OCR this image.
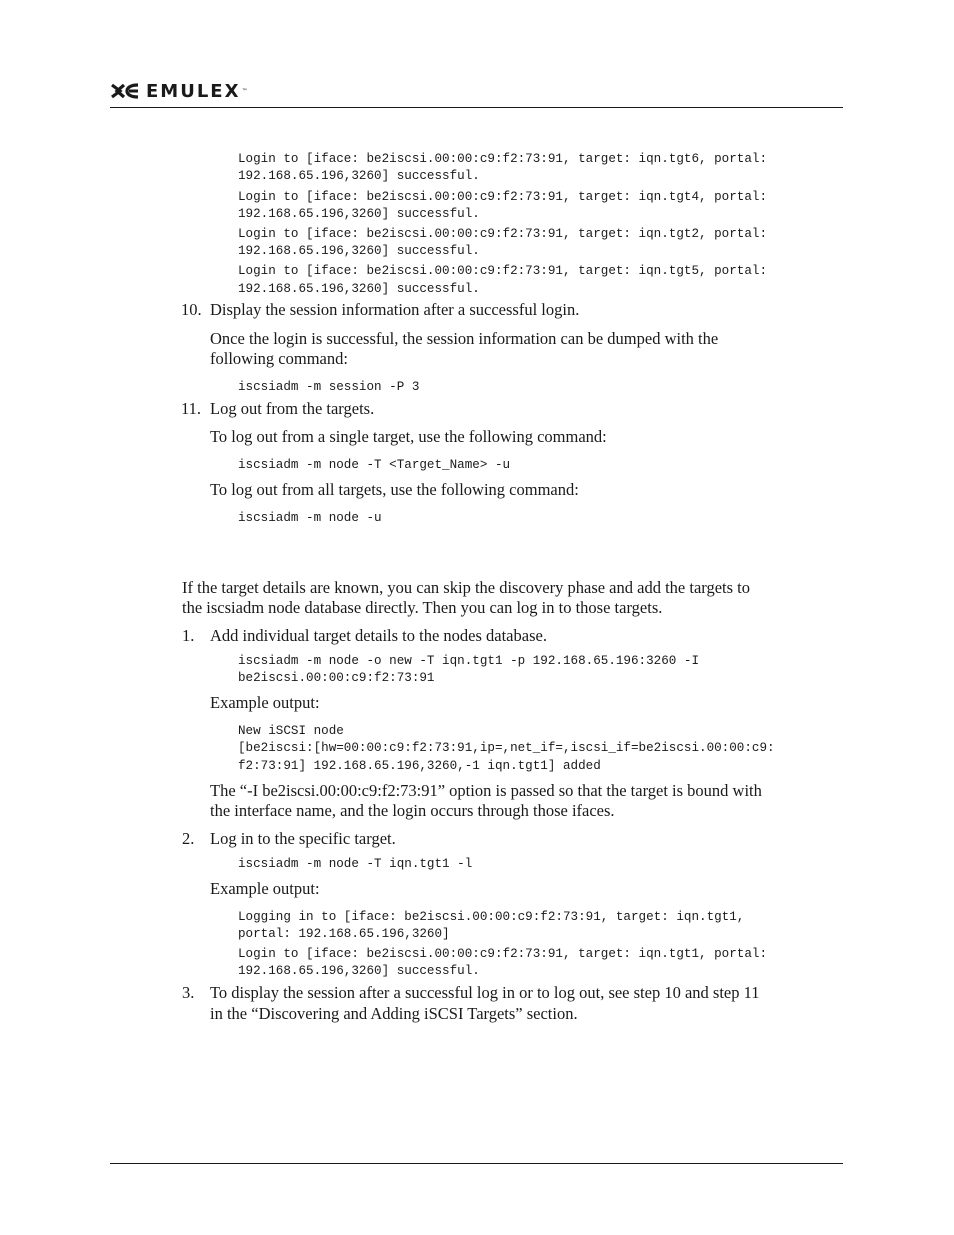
EMULEX ™
Login to [iface: be2iscsi.00:00:c9:f2:73:91, target: iqn.tgt6, portal:
192.168.65.196,3260] successful.
Login to [iface: be2iscsi.00:00:c9:f2:73:91, target: iqn.tgt4, portal:
192.168.65.196,3260] successful.
Login to [iface: be2iscsi.00:00:c9:f2:73:91, target: iqn.tgt2, portal:
192.168.65.196,3260] successful.
Login to [iface: be2iscsi.00:00:c9:f2:73:91, target: iqn.tgt5, portal:
192.168.65.196,3260] successful.
10. Display the session information after a successful login.
Once the login is successful, the session information can be dumped with the
following command:
iscsiadm -m session -P 3
11. Log out from the targets.
To log out from a single target, use the following command:
iscsiadm -m node -T <Target_Name> -u
To log out from all targets, use the following command:
iscsiadm -m node -u
If the target details are known, you can skip the discovery phase and add the targets to
the iscsiadm node database directly. Then you can log in to those targets.
1. Add individual target details to the nodes database.
iscsiadm -m node -o new -T iqn.tgt1 -p 192.168.65.196:3260 -I
be2iscsi.00:00:c9:f2:73:91
Example output:
New iSCSI node
[be2iscsi:[hw=00:00:c9:f2:73:91,ip=,net_if=,iscsi_if=be2iscsi.00:00:c9:
f2:73:91] 192.168.65.196,3260,-1 iqn.tgt1] added
The “-I be2iscsi.00:00:c9:f2:73:91” option is passed so that the target is bound with
the interface name, and the login occurs through those ifaces.
2. Log in to the specific target.
iscsiadm -m node -T iqn.tgt1 -l
Example output:
Logging in to [iface: be2iscsi.00:00:c9:f2:73:91, target: iqn.tgt1,
portal: 192.168.65.196,3260]
Login to [iface: be2iscsi.00:00:c9:f2:73:91, target: iqn.tgt1, portal:
192.168.65.196,3260] successful.
3. To display the session after a successful log in or to log out, see step 10 and step 11
in the “Discovering and Adding iSCSI Targets” section.
